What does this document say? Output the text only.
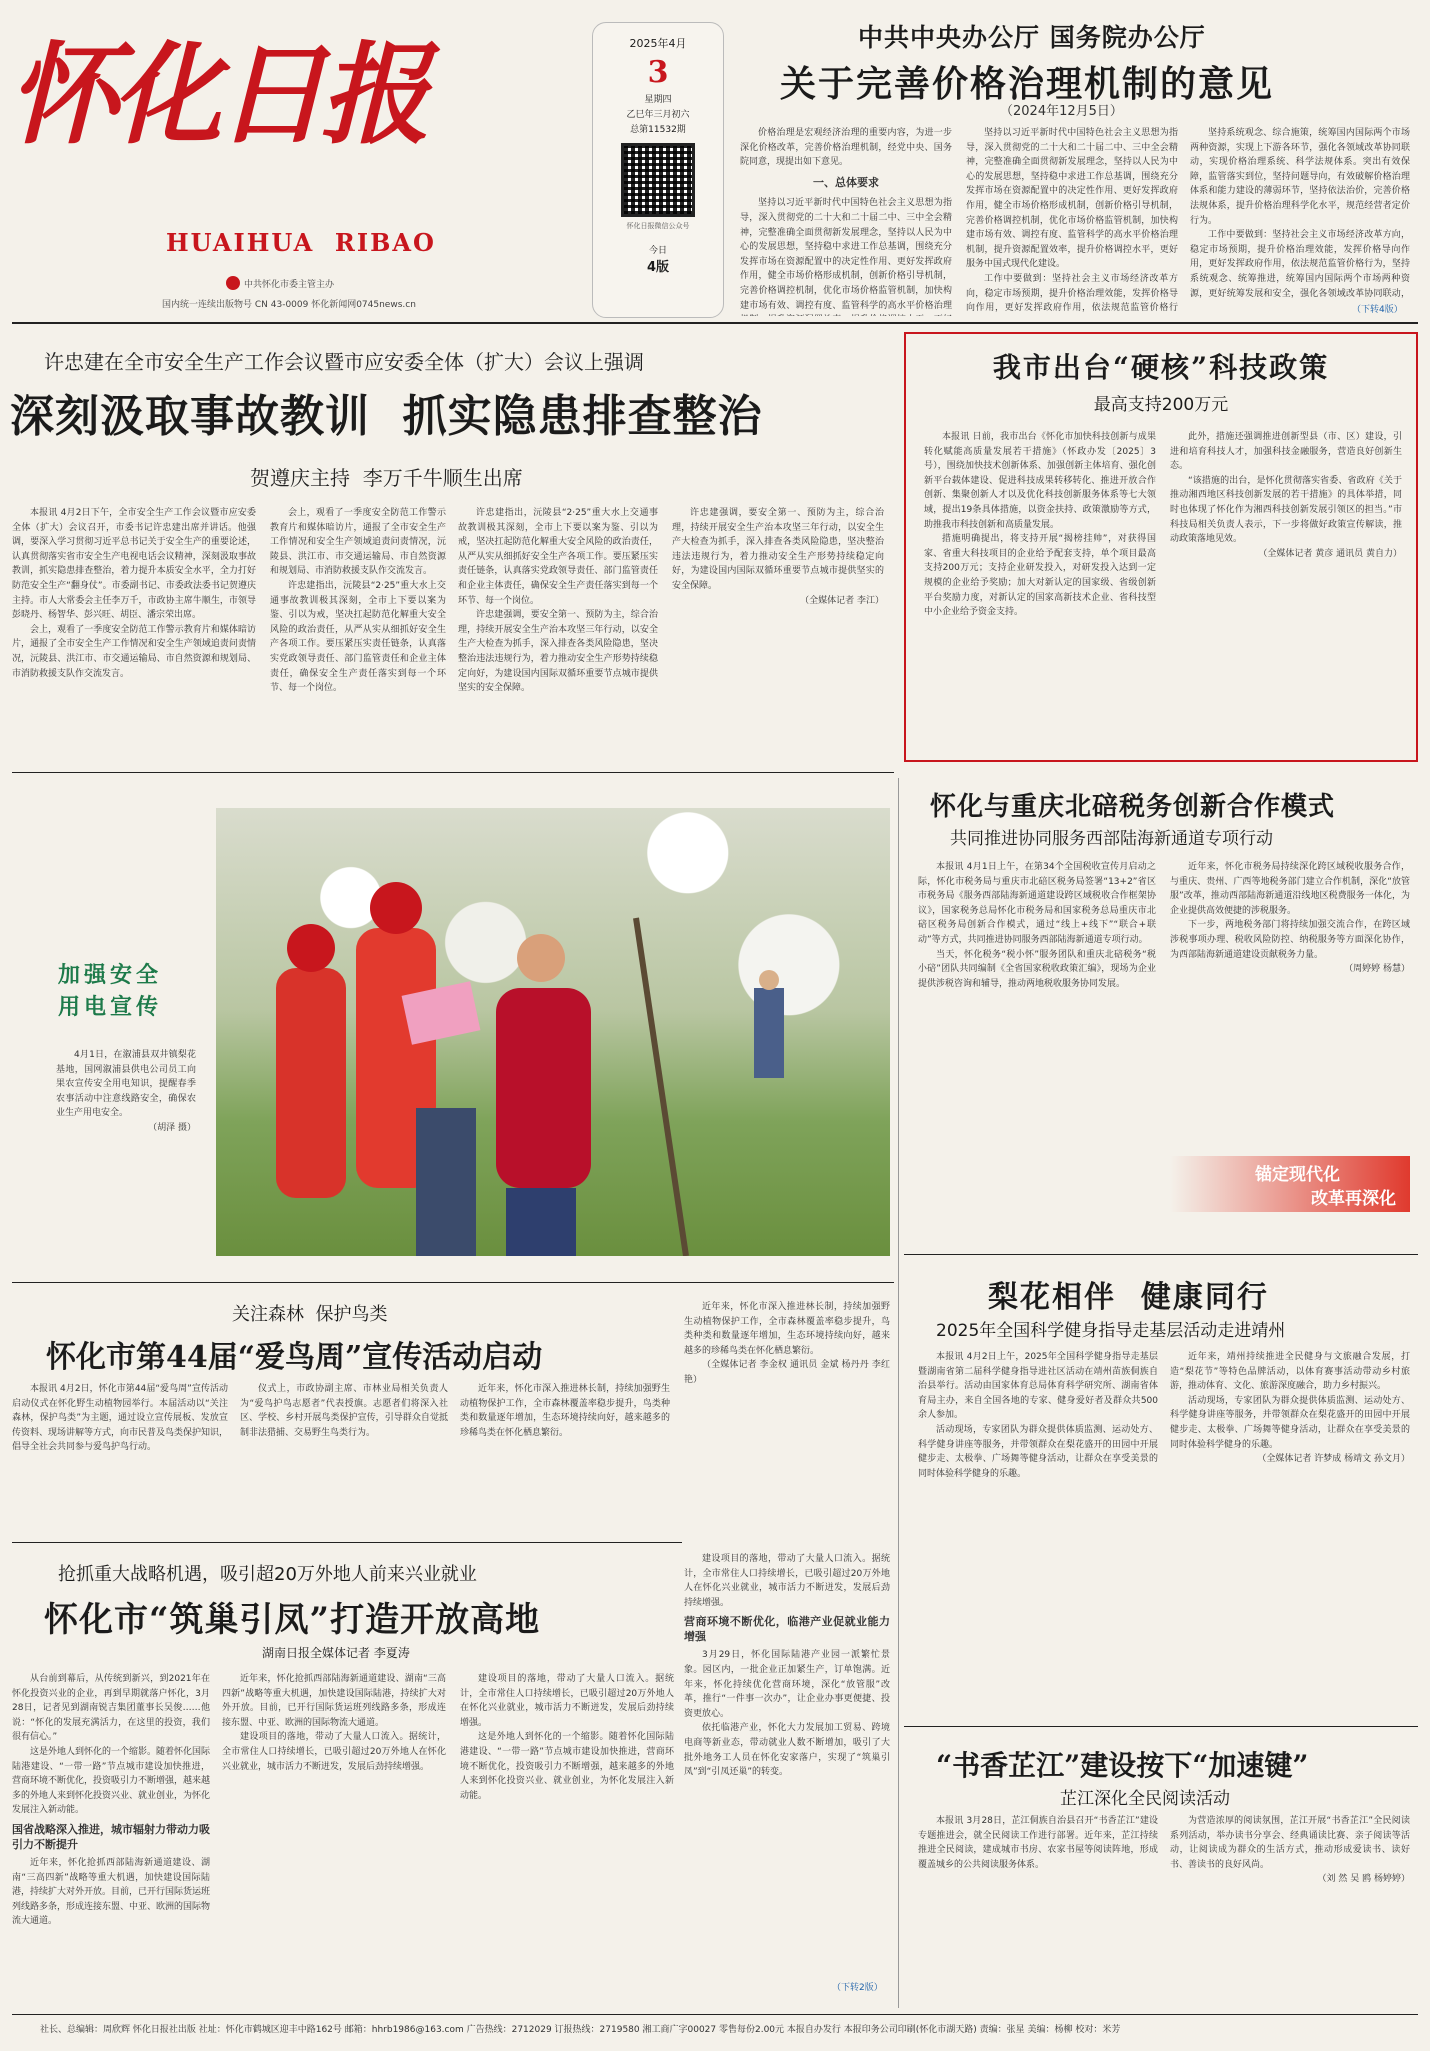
怀化日报
HUAIHUA  RIBAO
中共怀化市委主管主办
国内统一连续出版物号 CN 43-0009 怀化新闻网0745news.cn
2025年4月
3
星期四
乙巳年三月初六
总第11532期
怀化日报微信公众号
今日
4版
中共中央办公厅 国务院办公厅
关于完善价格治理机制的意见
（2024年12月5日）

价格治理是宏观经济治理的重要内容，为进一步深化价格改革，完善价格治理机制，经党中央、国务院同意，现提出如下意见。

一、总体要求

坚持以习近平新时代中国特色社会主义思想为指导，深入贯彻党的二十大和二十届二中、三中全会精神，完整准确全面贯彻新发展理念，坚持以人民为中心的发展思想，坚持稳中求进工作总基调，围绕充分发挥市场在资源配置中的决定性作用、更好发挥政府作用，健全市场价格形成机制，创新价格引导机制，完善价格调控机制，优化市场价格监管机制，加快构建市场有效、调控有度、监管科学的高水平价格治理

坚持以习近平新时代中国特色社会主义思想为指导，深入贯彻党的二十大和二十届二中、三中全会精神，完整准确全面贯彻新发展理念，坚持以人民为中心的发展思想，坚持稳中求进工作总基调，围绕充分发挥市场在资源配置中的决定性作用、更好发挥政府作用，健全市场价格形成机制，创新价格引导机制，完善价格调控机制，优化市场价格监管机制，加快构建市场有效、调控有度、监管科学的高水平价格治理机制，提升资源配置效率，提升价格调控水平，更好服务中国式现代化建设。

工作中要做到：坚持社会主义市场经济改革方向，稳定市场预期，提升价格治理效能，发挥价格导向作用，更好发挥政府作用，依法规范监管价格行

坚持系统观念、综合施策，统筹国内国际两个市场两种资源，实现上下游各环节，强化各领域改革协同联动，实现价格治理系统、科学法规体系。突出有效保障，监管落实到位，坚持问题导向，有效破解价格治理体系和能力建设的薄弱环节，坚持依法治价，完善价格法规体系，提升价格治理科学化水平，规范经营者定价行为。

工作中要做到：坚持社会主义市场经济改革方向，稳定市场预期，提升价格治理效能，发挥价格导向作用，更好发挥政府作用，依法规范监管价格行为，坚持系统观念、统筹推进，统筹国内国际两个市场两种资源，更好统筹发展和安全，强化各领域改革协同联动，

（下转4版）
许忠建在全市安全生产工作会议暨市应安委全体（扩大）会议上强调
深刻汲取事故教训  抓实隐患排查整治
贺遵庆主持  李万千牛顺生出席

本报讯 4月2日下午，全市安全生产工作会议暨市应安委全体（扩大）会议召开，市委书记许忠建出席并讲话。他强调，要深入学习贯彻习近平总书记关于安全生产的重要论述，认真贯彻落实省市安全生产电视电话会议精神，深刻汲取事故教训，抓实隐患排查整治，着力提升本质安全水平，全力打好防范安全生产“翻身仗”。市委副书记、市委政法委书记贺遵庆主持。市人大常委会主任李万千，市政协主席牛顺生，市领导彭晓丹、杨智华、彭兴旺、胡臣、潘宗荣出席。

会上，观看了一季度安全防范工作警示教育片和媒体暗访片，通报了全市安全生产工作情况和安全生产领域追责问责情况，沅陵县、洪江市、市交通运输局、市自然资源和规划局、市消防救援支队作交流发言。

会上，观看了一季度安全防范工作警示教育片和媒体暗访片，通报了全市安全生产工作情况和安全生产领域追责问责情况，沅陵县、洪江市、市交通运输局、市自然资源和规划局、市消防救援支队作交流发言。

许忠建指出，沅陵县“2·25”重大水上交通事故教训极其深刻，全市上下要以案为鉴、引以为戒，坚决扛起防范化解重大安全风险的政治责任，从严从实从细抓好安全生产各项工作。要压紧压实责任链条，认真落实党政领导责任、部门监管责任和企业主体责任，确保安全生产责任落实到每一个环节、每一个岗位。

许忠建指出，沅陵县“2·25”重大水上交通事故教训极其深刻，全市上下要以案为鉴、引以为戒，坚决扛起防范化解重大安全风险的政治责任，从严从实从细抓好安全生产各项工作。要压紧压实责任链条，认真落实党政领导责任、部门监管责任和企业主体责任，确保安全生产责任落实到每一个环节、每一个岗位。

许忠建强调，要安全第一、预防为主，综合治理，持续开展安全生产治本攻坚三年行动，以安全生产大检查为抓手，深入排查各类风险隐患，坚决整治违法违规行为，着力推动安全生产形势持续稳定向好，为建设国内国际双循环重要节点城市提供坚实的安全保障。

许忠建强调，要安全第一、预防为主，综合治理，持续开展安全生产治本攻坚三年行动，以安全生产大检查为抓手，深入排查各类风险隐患，坚决整治违法违规行为，着力推动安全生产形势持续稳定向好，为建设国内国际双循环重要节点城市提供坚实的安全保障。

（全媒体记者 李江）

我市出台“硬核”科技政策
最高支持200万元

本报讯 日前，我市出台《怀化市加快科技创新与成果转化赋能高质量发展若干措施》（怀政办发〔2025〕3号），围绕加快技术创新体系、加强创新主体培育、强化创新平台载体建设、促进科技成果转移转化、推进开放合作创新、集聚创新人才以及优化科技创新服务体系等七大领域，提出19条具体措施，以资金扶持、政策激励等方式，助推我市科技创新和高质量发展。

措施明确提出，将支持开展“揭榜挂帅”，对获得国家、省重大科技项目的企业给予配套支持，单个项目最高支持200万元；支持企业研发投入，对研发投入达到一定规模的企业给予奖励；加大对新认定的国家级、省级创新平台奖励力度，对新认定的国家高新技术企业、省科技型中小企业给予资金支持。

此外，措施还强调推进创新型县（市、区）建设，引进和培育科技人才，加强科技金融服务，营造良好创新生态。

“该措施的出台，是怀化贯彻落实省委、省政府《关于推动湘西地区科技创新发展的若干措施》的具体举措，同时也体现了怀化作为湘西科技创新发展引领区的担当。”市科技局相关负责人表示，下一步将做好政策宣传解读，推动政策落地见效。

（全媒体记者 黄彦 通讯员 黄自力）

加强安全
用电宣传

4月1日，在溆浦县双井镇梨花基地，国网溆浦县供电公司员工向果农宣传安全用电知识，提醒春季农事活动中注意线路安全，确保农业生产用电安全。

（胡泽 摄）

怀化与重庆北碚税务创新合作模式
共同推进协同服务西部陆海新通道专项行动

本报讯 4月1日上午，在第34个全国税收宣传月启动之际，怀化市税务局与重庆市北碚区税务局签署“13+2”省区市税务局《服务西部陆海新通道建设跨区域税收合作框架协议》，国家税务总局怀化市税务局和国家税务总局重庆市北碚区税务局创新合作模式，通过“线上+线下”“联合+联动”等方式，共同推进协同服务西部陆海新通道专项行动。

当天，怀化税务“税小怀”服务团队和重庆北碚税务“税小碚”团队共同编制《全省国家税收政策汇编》，现场为企业提供涉税咨询和辅导，推动两地税收服务协同发展。

近年来，怀化市税务局持续深化跨区域税收服务合作，与重庆、贵州、广西等地税务部门建立合作机制，深化“放管服”改革，推动西部陆海新通道沿线地区税费服务一体化，为企业提供高效便捷的涉税服务。

下一步，两地税务部门将持续加强交流合作，在跨区域涉税事项办理、税收风险防控、纳税服务等方面深化协作，为西部陆海新通道建设贡献税务力量。

（周婷婷 杨慧）

锚定现代化
改革再深化
关注森林  保护鸟类
怀化市第44届“爱鸟周”宣传活动启动

本报讯 4月2日，怀化市第44届“爱鸟周”宣传活动启动仪式在怀化野生动植物园举行。本届活动以“关注森林，保护鸟类”为主题，通过设立宣传展板、发放宣传资料、现场讲解等方式，向市民普及鸟类保护知识，倡导全社会共同参与爱鸟护鸟行动。

仪式上，市政协副主席、市林业局相关负责人为“爱鸟护鸟志愿者”代表授旗。志愿者们将深入社区、学校、乡村开展鸟类保护宣传，引导群众自觉抵制非法猎捕、交易野生鸟类行为。

近年来，怀化市深入推进林长制，持续加强野生动植物保护工作，全市森林覆盖率稳步提升，鸟类种类和数量逐年增加，生态环境持续向好，越来越多的珍稀鸟类在怀化栖息繁衍。

近年来，怀化市深入推进林长制，持续加强野生动植物保护工作，全市森林覆盖率稳步提升，鸟类种类和数量逐年增加，生态环境持续向好，越来越多的珍稀鸟类在怀化栖息繁衍。

（全媒体记者 李金权 通讯员 金斌 杨丹丹 李红艳）

梨花相伴  健康同行
2025年全国科学健身指导走基层活动走进靖州

本报讯 4月2日上午，2025年全国科学健身指导走基层暨湖南省第二届科学健身指导进社区活动在靖州苗族侗族自治县举行。活动由国家体育总局体育科学研究所、湖南省体育局主办，来自全国各地的专家、健身爱好者及群众共500余人参加。

活动现场，专家团队为群众提供体质监测、运动处方、科学健身讲座等服务，并带领群众在梨花盛开的田园中开展健步走、太极拳、广场舞等健身活动，让群众在享受美景的同时体验科学健身的乐趣。

近年来，靖州持续推进全民健身与文旅融合发展，打造“梨花节”等特色品牌活动，以体育赛事活动带动乡村旅游，推动体育、文化、旅游深度融合，助力乡村振兴。

活动现场，专家团队为群众提供体质监测、运动处方、科学健身讲座等服务，并带领群众在梨花盛开的田园中开展健步走、太极拳、广场舞等健身活动，让群众在享受美景的同时体验科学健身的乐趣。

（全媒体记者 许梦成 杨靖文 孙文月）

抢抓重大战略机遇，吸引超20万外地人前来兴业就业
怀化市“筑巢引凤”打造开放高地
湖南日报全媒体记者 李夏涛

从台前到幕后，从传统到新兴，到2021年在怀化投资兴业的企业，再到早期就落户怀化，3月28日，记者见到湖南锐吉集团董事长吴俊……他说：“怀化的发展充满活力，在这里的投资，我们很有信心。”

这是外地人到怀化的一个缩影。随着怀化国际陆港建设、“一带一路”节点城市建设加快推进，营商环境不断优化，投资吸引力不断增强，越来越多的外地人来到怀化投资兴业、就业创业，为怀化发展注入新动能。

国省战略深入推进，城市辐射力带动力吸引力不断提升

近年来，怀化抢抓西部陆海新通道建设、湖南“三高四新”战略等重大机遇，加快建设国际陆港，持续扩大对外开放。目前，已开行国际货运班列线路多条，形成连接东盟、中亚、欧洲的国际物流大通道。

近年来，怀化抢抓西部陆海新通道建设、湖南“三高四新”战略等重大机遇，加快建设国际陆港，持续扩大对外开放。目前，已开行国际货运班列线路多条，形成连接东盟、中亚、欧洲的国际物流大通道。

建设项目的落地，带动了大量人口流入。据统计，全市常住人口持续增长，已吸引超过20万外地人在怀化兴业就业，城市活力不断迸发，发展后劲持续增强。

建设项目的落地，带动了大量人口流入。据统计，全市常住人口持续增长，已吸引超过20万外地人在怀化兴业就业，城市活力不断迸发，发展后劲持续增强。

这是外地人到怀化的一个缩影。随着怀化国际陆港建设、“一带一路”节点城市建设加快推进，营商环境不断优化，投资吸引力不断增强，越来越多的外地人来到怀化投资兴业、就业创业，为怀化发展注入新动能。

建设项目的落地，带动了大量人口流入。据统计，全市常住人口持续增长，已吸引超过20万外地人在怀化兴业就业，城市活力不断迸发，发展后劲持续增强。

营商环境不断优化，临港产业促就业能力增强

3月29日，怀化国际陆港产业园一派繁忙景象。园区内，一批企业正加紧生产，订单饱满。近年来，怀化持续优化营商环境，深化“放管服”改革，推行“一件事一次办”，让企业办事更便捷、投资更放心。

依托临港产业，怀化大力发展加工贸易、跨境电商等新业态，带动就业人数不断增加，吸引了大批外地务工人员在怀化安家落户，实现了“筑巢引凤”到“引凤还巢”的转变。

（下转2版）
“书香芷江”建设按下“加速键”
芷江深化全民阅读活动

本报讯 3月28日，芷江侗族自治县召开“书香芷江”建设专题推进会，就全民阅读工作进行部署。近年来，芷江持续推进全民阅读，建成城市书房、农家书屋等阅读阵地，形成覆盖城乡的公共阅读服务体系。

为营造浓厚的阅读氛围，芷江开展“书香芷江”全民阅读系列活动，举办读书分享会、经典诵读比赛、亲子阅读等活动，让阅读成为群众的生活方式，推动形成爱读书、读好书、善读书的良好风尚。

（刘 然 吴 鸥 杨婷婷）

社长、总编辑：周欣辉 怀化日报社出版 社址：怀化市鹤城区迎丰中路162号 邮箱：hhrb1986@163.com 广告热线：2712029 订报热线：2719580 湘工商广字00027 零售每份2.00元 本报自办发行 本报印务公司印刷(怀化市湖天路) 责编：张星 美编：杨柳 校对：米芳
